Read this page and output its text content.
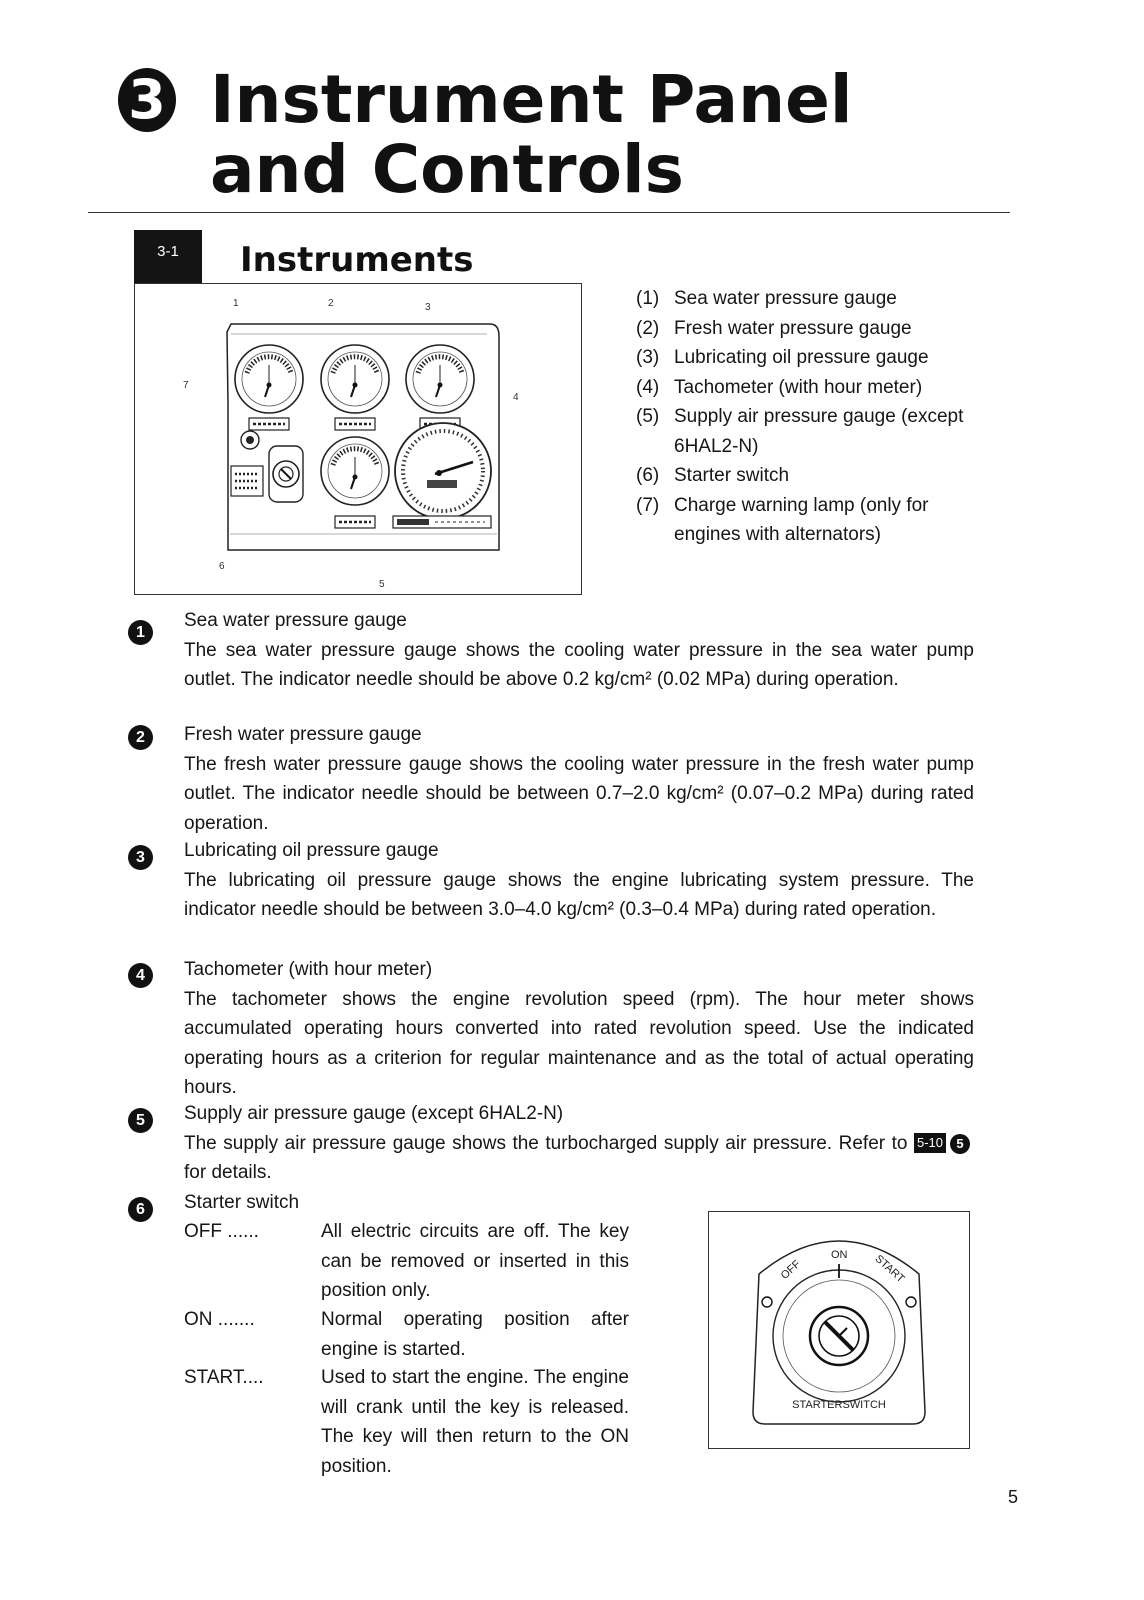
3 Instrument Panel
and Controls
3-1	Instruments
1	2	3
4
5
6
7
(1) Sea water pressure gauge
(2) Fresh water pressure gauge
(3) Lubricating oil pressure gauge
(4) Tachometer (with hour meter)
(5) Supply air pressure gauge (except 6HAL2-N)
(6) Starter switch
(7) Charge warning lamp (only for engines with alternators)
1

Sea water pressure gauge

The sea water pressure gauge shows the cooling water pressure in the sea water pump outlet. The indicator needle should be above 0.2 kg/cm² (0.02 MPa) during operation.

2	Fresh water pressure gauge

The fresh water pressure gauge shows the cooling water pressure in the fresh water pump outlet. The indicator needle should be between 0.7–2.0 kg/cm² (0.07–0.2 MPa) during rated operation.

3	Lubricating oil pressure gauge

The lubricating oil pressure gauge shows the engine lubricating system pressure. The indicator needle should be between 3.0–4.0 kg/cm² (0.3–0.4 MPa) during rated operation.

4	Tachometer (with hour meter)

The tachometer shows the engine revolution speed (rpm). The hour meter shows accumulated operating hours converted into rated revolution speed. Use the indicated operating hours as a criterion for regular maintenance and as the total of actual operating hours.

5	Supply air pressure gauge (except 6HAL2-N)

The supply air pressure gauge shows the turbocharged supply air pressure. Refer to 5-10 5for details.

6	Starter switch

OFF ......	All electric circuits are off. The key can be removed or inserted in this position only.
ON .......	Normal operating position after engine is started.
START....	Used to start the engine. The engine will crank until the key is released. The key will then return to the ON position.
OFF
ON START
STARTERSWITCH
5
